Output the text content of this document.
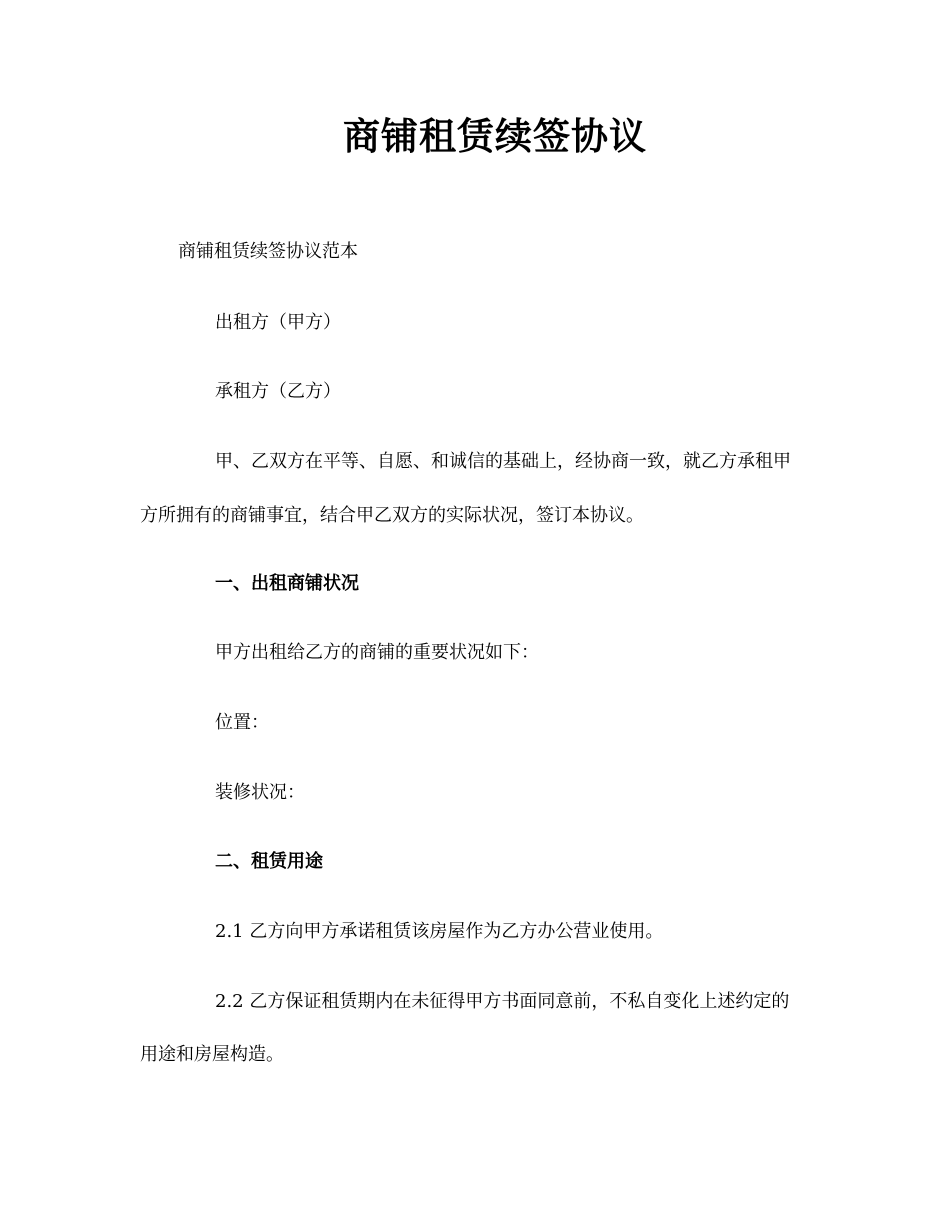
商铺租赁续签协议
商铺租赁续签协议范本
出租方（甲方）
承租方（乙方）
甲、乙双方在平等、自愿、和诚信的基础上，经协商一致，就乙方承租甲
方所拥有的商铺事宜，结合甲乙双方的实际状况，签订本协议。
一、出租商铺状况
甲方出租给乙方的商铺的重要状况如下：
位置：
装修状况：
二、租赁用途
2.1 乙方向甲方承诺租赁该房屋作为乙方办公营业使用。
2.2 乙方保证租赁期内在未征得甲方书面同意前，不私自变化上述约定的
用途和房屋构造。
